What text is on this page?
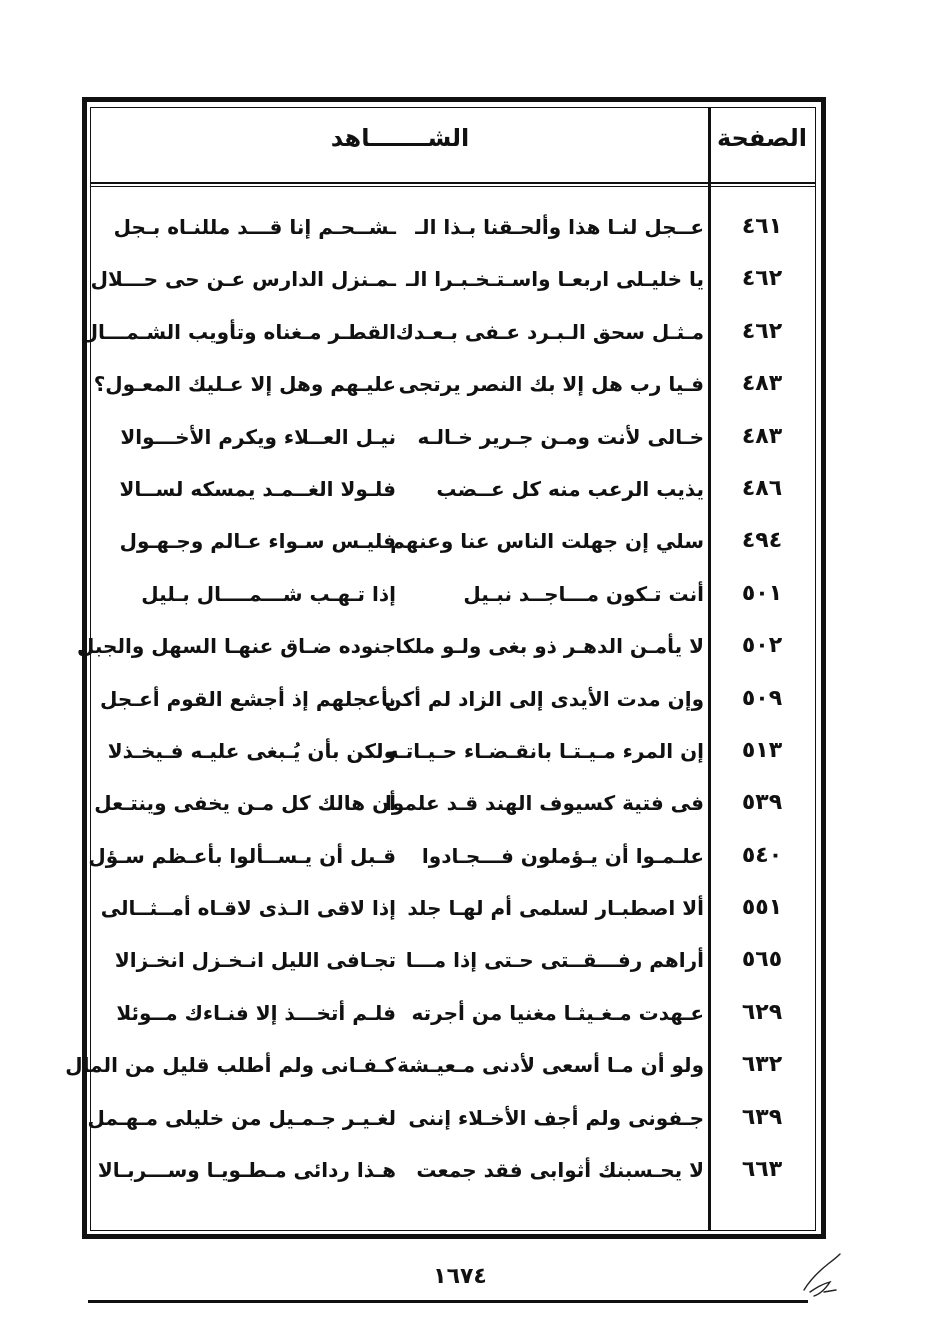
الصفحة
الشـــــــاهد
٤٦١
عــجل لنـا هذا وألحـقنا بـذا الـ
ـشــحـم إنا قـــد مللنـاه بـجل
٤٦٢
يا خليـلى اربعـا واسـتـخـبـرا الـ
ـمـنزل الدارس عـن حى حـــلال
٤٦٢
مـثـل سحق الـبـرد عـفى بـعـدك
القطـر مـغناه وتأويب الشـمـــال
٤٨٣
فـيا رب هل إلا بك النصر يرتجى
عليـهم وهل إلا عـليك المعـول؟
٤٨٣
خـالى لأنت ومـن جـرير خـالـه
نيـل العــلاء ويكرم الأخـــوالا
٤٨٦
يذيب الرعب منه كل عــضب
فلـولا الغــمـد يمسكه لســالا
٤٩٤
سلي إن جهلت الناس عنا وعنهم
فليـس سـواء عـالم وجـهـول
٥٠١
أنت تـكون مـــاجــد نبـيل
إذا تـهـب شـــمــــال بـليل
٥٠٢
لا يأمـن الدهـر ذو بغى ولـو ملكا
جنوده ضـاق عنهـا السهل والجبل
٥٠٩
وإن مدت الأيدى إلى الزاد لم أكن
بأعجلهم إذ أجشع القوم أعـجل
٥١٣
إن المرء مـيـتـا بانقـضـاء حـيـاتـه
ولكن بأن يُـبغى عليـه فـيخـذلا
٥٣٩
فى فتية كسيوف الهند قـد علموا
أن هالك كل مـن يخفى وينتـعل
٥٤٠
علـمـوا أن يـؤملون فـــجـادوا
قـبل أن يـســألوا بأعـظم سـؤل
٥٥١
ألا اصطبـار لسلمى أم لهـا جلد
إذا لاقى الـذى لاقـاه أمــثــالى
٥٦٥
أراهم رفـــقــتى حـتى إذا مـــا
تجـافى الليل انـخـزل انخـزالا
٦٢٩
عـهدت مـغـيثـا مغنيا من أجرته
فلـم أتخـــذ إلا فنـاءك مــوئلا
٦٣٢
ولو أن مـا أسعى لأدنى مـعيـشة
كـفـانى ولم أطلب قليل من المال
٦٣٩
جـفونى ولم أجف الأخـلاء إننى
لغـيـر جـمـيل من خليلى مـهـمل
٦٦٣
لا يحـسبنك أثوابى فقد جمعت
هـذا ردائى مـطـويـا وســـربـالا
١٦٧٤
